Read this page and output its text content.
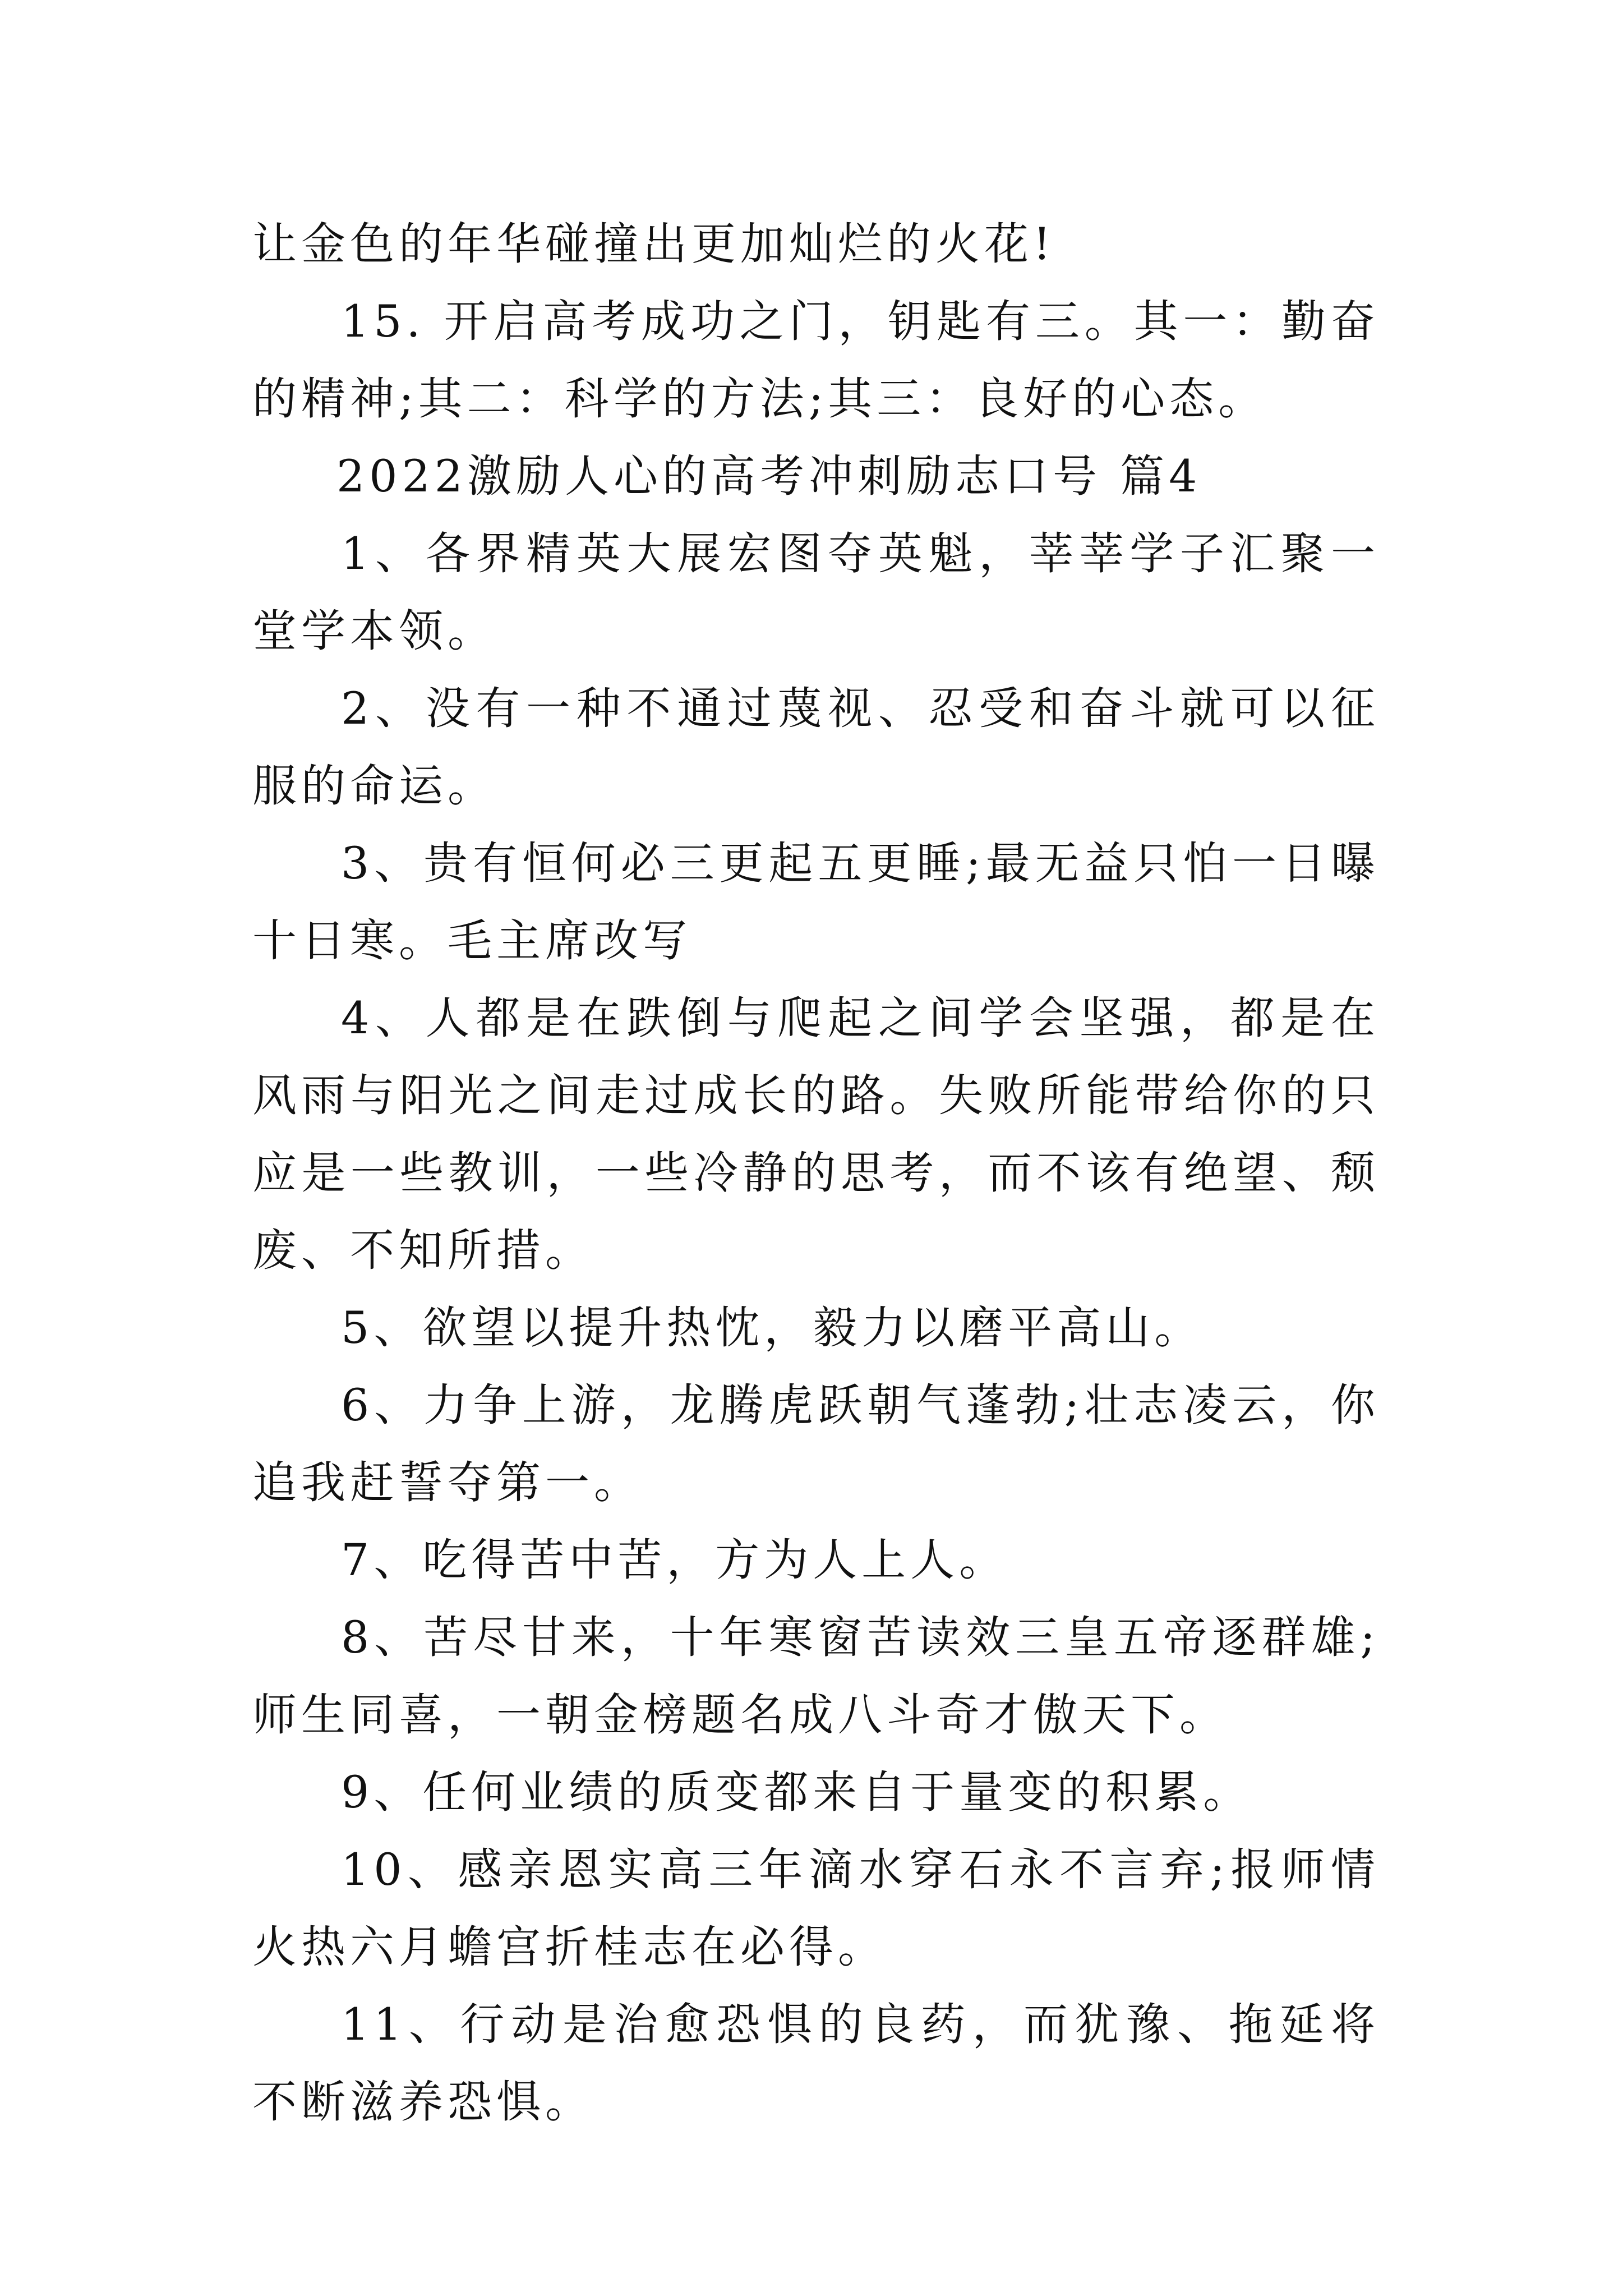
让金色的年华碰撞出更加灿烂的火花!

15. 开启高考成功之门，钥匙有三。其一：勤奋的精神;其二：科学的方法;其三：良好的心态。

2022激励人心的高考冲刺励志口号 篇4

1、各界精英大展宏图夺英魁，莘莘学子汇聚一堂学本领。

2、没有一种不通过蔑视、忍受和奋斗就可以征服的命运。

3、贵有恒何必三更起五更睡;最无益只怕一日曝十日寒。毛主席改写

4、人都是在跌倒与爬起之间学会坚强，都是在风雨与阳光之间走过成长的路。失败所能带给你的只应是一些教训，一些冷静的思考，而不该有绝望、颓废、不知所措。

5、欲望以提升热忱，毅力以磨平高山。

6、力争上游，龙腾虎跃朝气蓬勃;壮志凌云，你追我赶誓夺第一。

7、吃得苦中苦，方为人上人。

8、苦尽甘来，十年寒窗苦读效三皇五帝逐群雄;师生同喜，一朝金榜题名成八斗奇才傲天下。

9、任何业绩的质变都来自于量变的积累。

10、感亲恩实高三年滴水穿石永不言弃;报师情火热六月蟾宫折桂志在必得。

11、行动是治愈恐惧的良药，而犹豫、拖延将不断滋养恐惧。
